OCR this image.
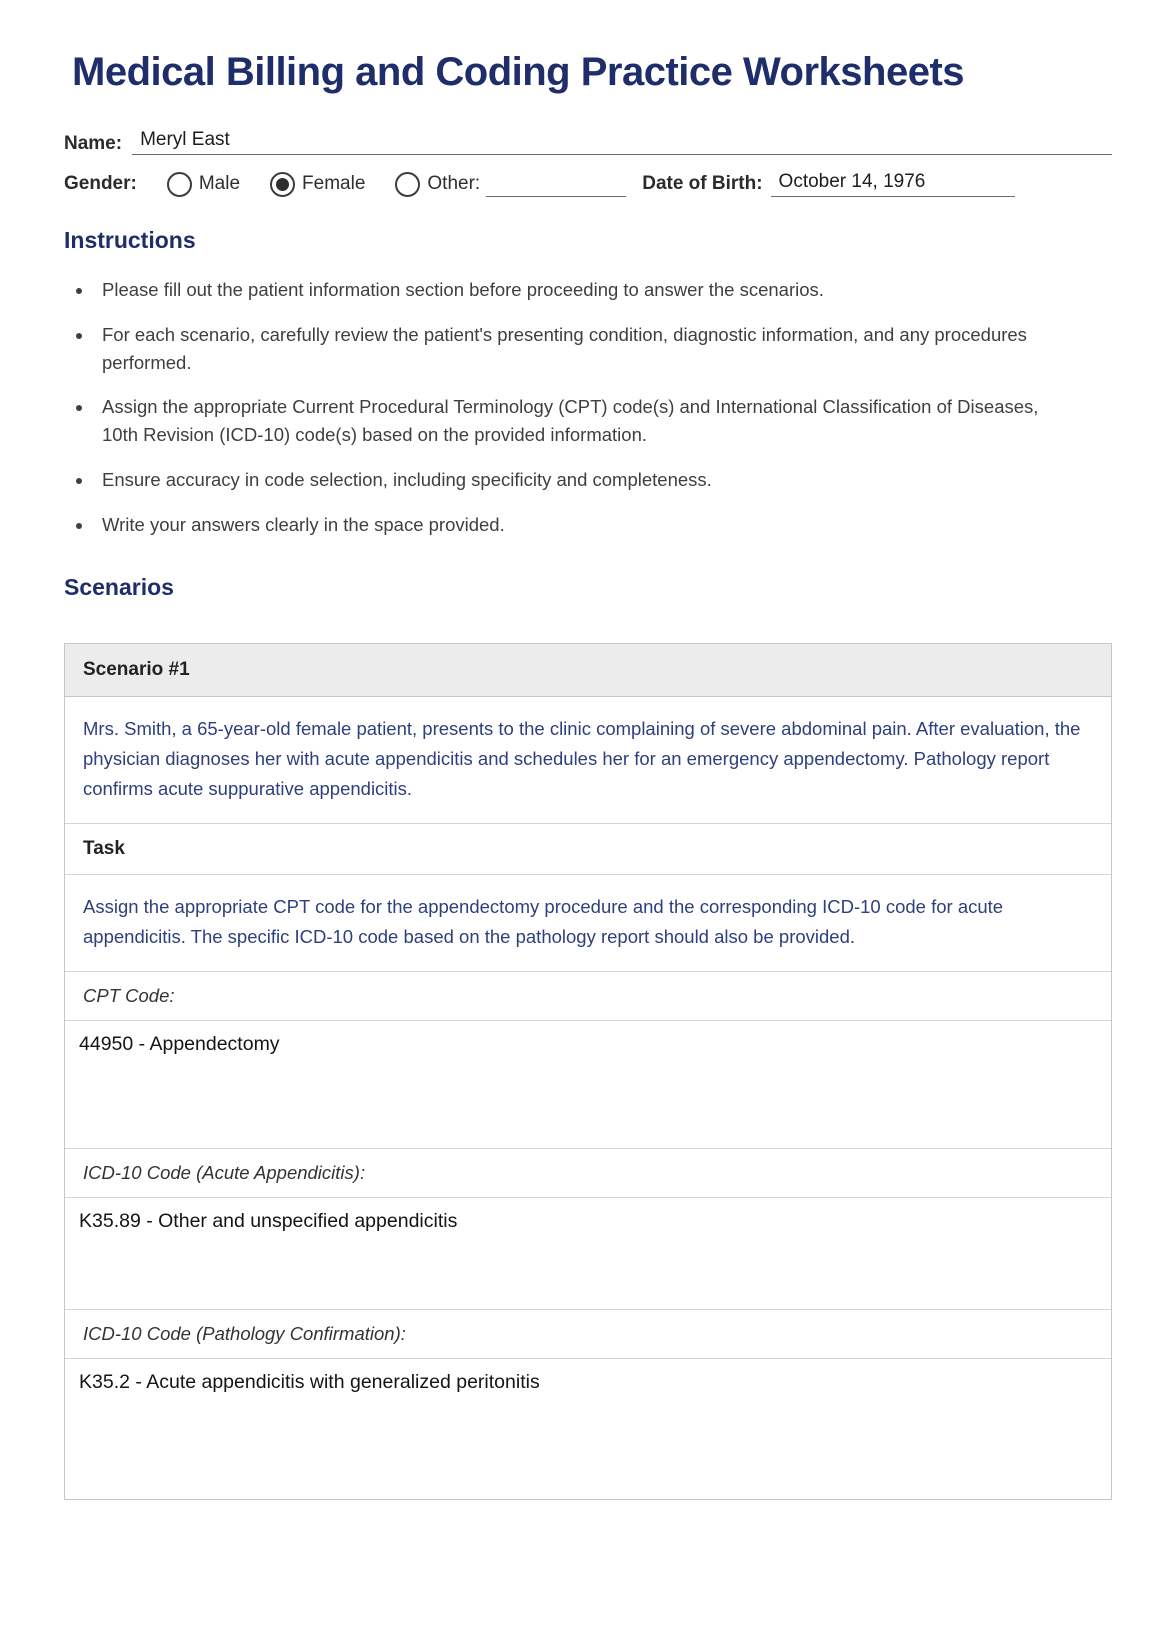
Medical Billing and Coding Practice Worksheets
Name: Meryl East
Gender:	Male	Female	Other:	Date of Birth: October 14, 1976
Instructions
• Please fill out the patient information section before proceeding to answer the scenarios.
• For each scenario, carefully review the patient's presenting condition, diagnostic information, and any procedures performed.
• Assign the appropriate Current Procedural Terminology (CPT) code(s) and International Classification of Diseases, 10th Revision (ICD-10) code(s) based on the provided information.
• Ensure accuracy in code selection, including specificity and completeness.
• Write your answers clearly in the space provided.
Scenarios
Scenario #1
Mrs. Smith, a 65-year-old female patient, presents to the clinic complaining of severe abdominal pain. After evaluation, the physician diagnoses her with acute appendicitis and schedules her for an emergency appendectomy. Pathology report confirms acute suppurative appendicitis.
Task
Assign the appropriate CPT code for the appendectomy procedure and the corresponding ICD-10 code for acute appendicitis. The specific ICD-10 code based on the pathology report should also be provided.
CPT Code:
44950 - Appendectomy
ICD-10 Code (Acute Appendicitis):
K35.89 - Other and unspecified appendicitis
ICD-10 Code (Pathology Confirmation):
K35.2 - Acute appendicitis with generalized peritonitis
